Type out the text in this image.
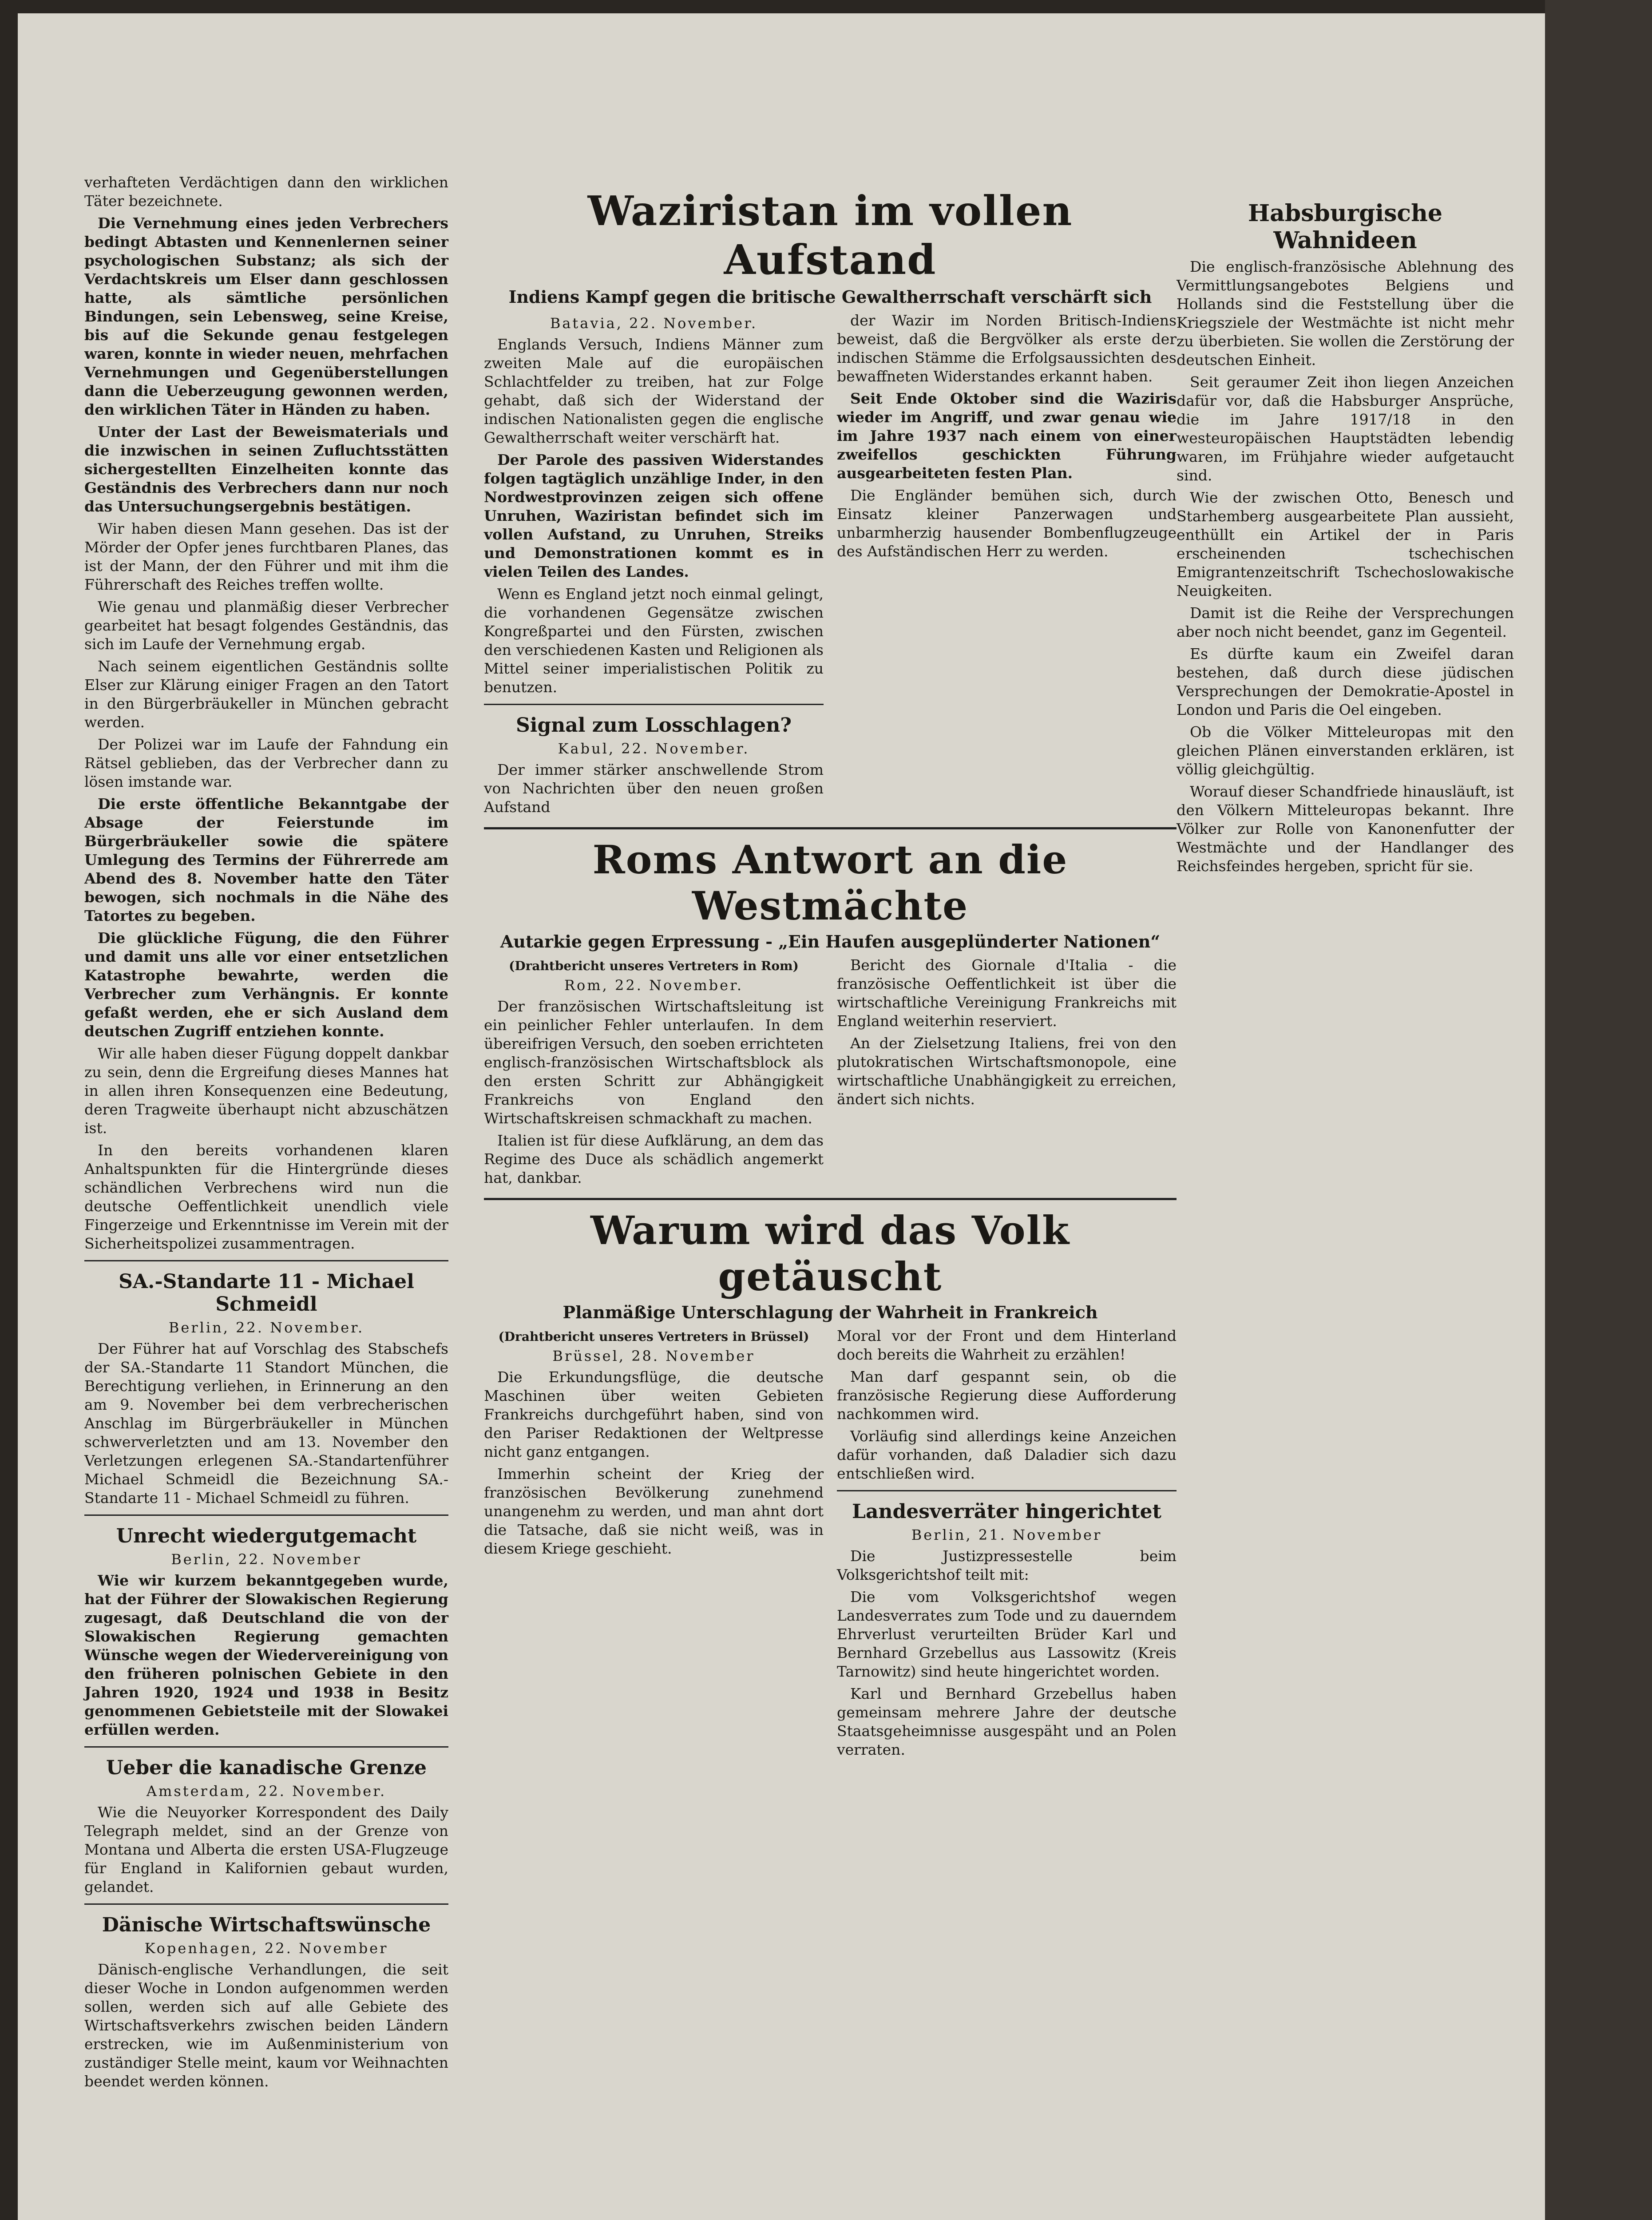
verhafteten Verdächtigen dann den wirklichen Täter bezeichnete.

Die Vernehmung eines jeden Verbrechers bedingt Abtasten und Kennenlernen seiner psychologischen Substanz; als sich der Verdachtskreis um Elser dann geschlossen hatte, als sämtliche persönlichen Bindungen, sein Lebensweg, seine Kreise, bis auf die Sekunde genau festgelegen waren, konnte in wieder neuen, mehrfachen Vernehmungen und Gegenüberstellungen dann die Ueberzeugung gewonnen werden, den wirklichen Täter in Händen zu haben.

Unter der Last der Beweismaterials und die inzwischen in seinen Zufluchtsstätten sichergestellten Einzelheiten konnte das Geständnis des Verbrechers dann nur noch das Untersuchungsergebnis bestätigen.

Wir haben diesen Mann gesehen. Das ist der Mörder der Opfer jenes furchtbaren Planes, das ist der Mann, der den Führer und mit ihm die Führerschaft des Reiches treffen wollte.

Wie genau und planmäßig dieser Verbrecher gearbeitet hat besagt folgendes Geständnis, das sich im Laufe der Vernehmung ergab.

Nach seinem eigentlichen Geständnis sollte Elser zur Klärung einiger Fragen an den Tatort in den Bürgerbräukeller in München gebracht werden.

Der Polizei war im Laufe der Fahndung ein Rätsel geblieben, das der Verbrecher dann zu lösen imstande war.

Die erste öffentliche Bekanntgabe der Absage der Feierstunde im Bürgerbräukeller sowie die spätere Umlegung des Termins der Führerrede am Abend des 8. November hatte den Täter bewogen, sich nochmals in die Nähe des Tatortes zu begeben.

Die glückliche Fügung, die den Führer und damit uns alle vor einer entsetzlichen Katastrophe bewahrte, werden die Verbrecher zum Verhängnis. Er konnte gefaßt werden, ehe er sich Ausland dem deutschen Zugriff entziehen konnte.

Wir alle haben dieser Fügung doppelt dankbar zu sein, denn die Ergreifung dieses Mannes hat in allen ihren Konsequenzen eine Bedeutung, deren Tragweite überhaupt nicht abzuschätzen ist.

In den bereits vorhandenen klaren Anhaltspunkten für die Hintergründe dieses schändlichen Verbrechens wird nun die deutsche Oeffentlichkeit unendlich viele Fingerzeige und Erkenntnisse im Verein mit der Sicherheitspolizei zusammentragen.

SA.-Standarte 11 - Michael Schmeidl
Berlin, 22. November.

Der Führer hat auf Vorschlag des Stabschefs der SA.-Standarte 11 Standort München, die Berechtigung verliehen, in Erinnerung an den am 9. November bei dem verbrecherischen Anschlag im Bürgerbräukeller in München schwerverletzten und am 13. November den Verletzungen erlegenen SA.-Standartenführer Michael Schmeidl die Bezeichnung SA.-Standarte 11 - Michael Schmeidl zu führen.

Unrecht wiedergutgemacht
Berlin, 22. November

Wie wir kurzem bekanntgegeben wurde, hat der Führer der Slowakischen Regierung zugesagt, daß Deutschland die von der Slowakischen Regierung gemachten Wünsche wegen der Wiedervereinigung von den früheren polnischen Gebiete in den Jahren 1920, 1924 und 1938 in Besitz genommenen Gebietsteile mit der Slowakei erfüllen werden.

Ueber die kanadische Grenze
Amsterdam, 22. November.

Wie die Neuyorker Korrespondent des Daily Telegraph meldet, sind an der Grenze von Montana und Alberta die ersten USA-Flugzeuge für England in Kalifornien gebaut wurden, gelandet.

Dänische Wirtschaftswünsche
Kopenhagen, 22. November

Dänisch-englische Verhandlungen, die seit dieser Woche in London aufgenommen werden sollen, werden sich auf alle Gebiete des Wirtschaftsverkehrs zwischen beiden Ländern erstrecken, wie im Außenministerium von zuständiger Stelle meint, kaum vor Weihnachten beendet werden können.

Waziristan im vollen Aufstand
Indiens Kampf gegen die britische Gewaltherrschaft verschärft sich
Batavia, 22. November.

Englands Versuch, Indiens Männer zum zweiten Male auf die europäischen Schlachtfelder zu treiben, hat zur Folge gehabt, daß sich der Widerstand der indischen Nationalisten gegen die englische Gewaltherrschaft weiter verschärft hat.

Der Parole des passiven Widerstandes folgen tagtäglich unzählige Inder, in den Nordwestprovinzen zeigen sich offene Unruhen, Waziristan befindet sich im vollen Aufstand, zu Unruhen, Streiks und Demonstrationen kommt es in vielen Teilen des Landes.

Wenn es England jetzt noch einmal gelingt, die vorhandenen Gegensätze zwischen Kongreßpartei und den Fürsten, zwischen den verschiedenen Kasten und Religionen als Mittel seiner imperialistischen Politik zu benutzen.

Signal zum Losschlagen?
Kabul, 22. November.

Der immer stärker anschwellende Strom von Nachrichten über den neuen großen Aufstand

der Wazir im Norden Britisch-Indiens beweist, daß die Bergvölker als erste der indischen Stämme die Erfolgsaussichten des bewaffneten Widerstandes erkannt haben.

Seit Ende Oktober sind die Waziris wieder im Angriff, und zwar genau wie im Jahre 1937 nach einem von einer zweifellos geschickten Führung ausgearbeiteten festen Plan.

Die Engländer bemühen sich, durch Einsatz kleiner Panzerwagen und unbarmherzig hausender Bombenflugzeuge des Aufständischen Herr zu werden.

Roms Antwort an die Westmächte
Autarkie gegen Erpressung - „Ein Haufen ausgeplünderter Nationen“
(Drahtbericht unseres Vertreters in Rom)
Rom, 22. November.

Der französischen Wirtschaftsleitung ist ein peinlicher Fehler unterlaufen. In dem übereifrigen Versuch, den soeben errichteten englisch-französischen Wirtschaftsblock als den ersten Schritt zur Abhängigkeit Frankreichs von England den Wirtschaftskreisen schmackhaft zu machen.

Italien ist für diese Aufklärung, an dem das Regime des Duce als schädlich angemerkt hat, dankbar.

Bericht des Giornale d'Italia - die französische Oeffentlichkeit ist über die wirtschaftliche Vereinigung Frankreichs mit England weiterhin reserviert.

An der Zielsetzung Italiens, frei von den plutokratischen Wirtschaftsmonopole, eine wirtschaftliche Unabhängigkeit zu erreichen, ändert sich nichts.

Warum wird das Volk getäuscht
Planmäßige Unterschlagung der Wahrheit in Frankreich
(Drahtbericht unseres Vertreters in Brüssel)
Brüssel, 28. November

Die Erkundungsflüge, die deutsche Maschinen über weiten Gebieten Frankreichs durchgeführt haben, sind von den Pariser Redaktionen der Weltpresse nicht ganz entgangen.

Immerhin scheint der Krieg der französischen Bevölkerung zunehmend unangenehm zu werden, und man ahnt dort die Tatsache, daß sie nicht weiß, was in diesem Kriege geschieht.

Moral vor der Front und dem Hinterland doch bereits die Wahrheit zu erzählen!

Man darf gespannt sein, ob die französische Regierung diese Aufforderung nachkommen wird.

Vorläufig sind allerdings keine Anzeichen dafür vorhanden, daß Daladier sich dazu entschließen wird.

Landesverräter hingerichtet
Berlin, 21. November

Die Justizpressestelle beim Volksgerichtshof teilt mit:

Die vom Volksgerichtshof wegen Landesverrates zum Tode und zu dauerndem Ehrverlust verurteilten Brüder Karl und Bernhard Grzebellus aus Lassowitz (Kreis Tarnowitz) sind heute hingerichtet worden.

Karl und Bernhard Grzebellus haben gemeinsam mehrere Jahre der deutsche Staatsgeheimnisse ausgespäht und an Polen verraten.

Habsburgische Wahnideen

Die englisch-französische Ablehnung des Vermittlungsangebotes Belgiens und Hollands sind die Feststellung über die Kriegsziele der Westmächte ist nicht mehr zu überbieten. Sie wollen die Zerstörung der deutschen Einheit.

Seit geraumer Zeit ihon liegen Anzeichen dafür vor, daß die Habsburger Ansprüche, die im Jahre 1917/18 in den westeuropäischen Hauptstädten lebendig waren, im Frühjahre wieder aufgetaucht sind.

Wie der zwischen Otto, Benesch und Starhemberg ausgearbeitete Plan aussieht, enthüllt ein Artikel der in Paris erscheinenden tschechischen Emigrantenzeitschrift Tschechoslowakische Neuigkeiten.

Damit ist die Reihe der Versprechungen aber noch nicht beendet, ganz im Gegenteil.

Es dürfte kaum ein Zweifel daran bestehen, daß durch diese jüdischen Versprechungen der Demokratie-Apostel in London und Paris die Oel eingeben.

Ob die Völker Mitteleuropas mit den gleichen Plänen einverstanden erklären, ist völlig gleichgültig.

Worauf dieser Schandfriede hinausläuft, ist den Völkern Mitteleuropas bekannt. Ihre Völker zur Rolle von Kanonenfutter der Westmächte und der Handlanger des Reichsfeindes hergeben, spricht für sie.
